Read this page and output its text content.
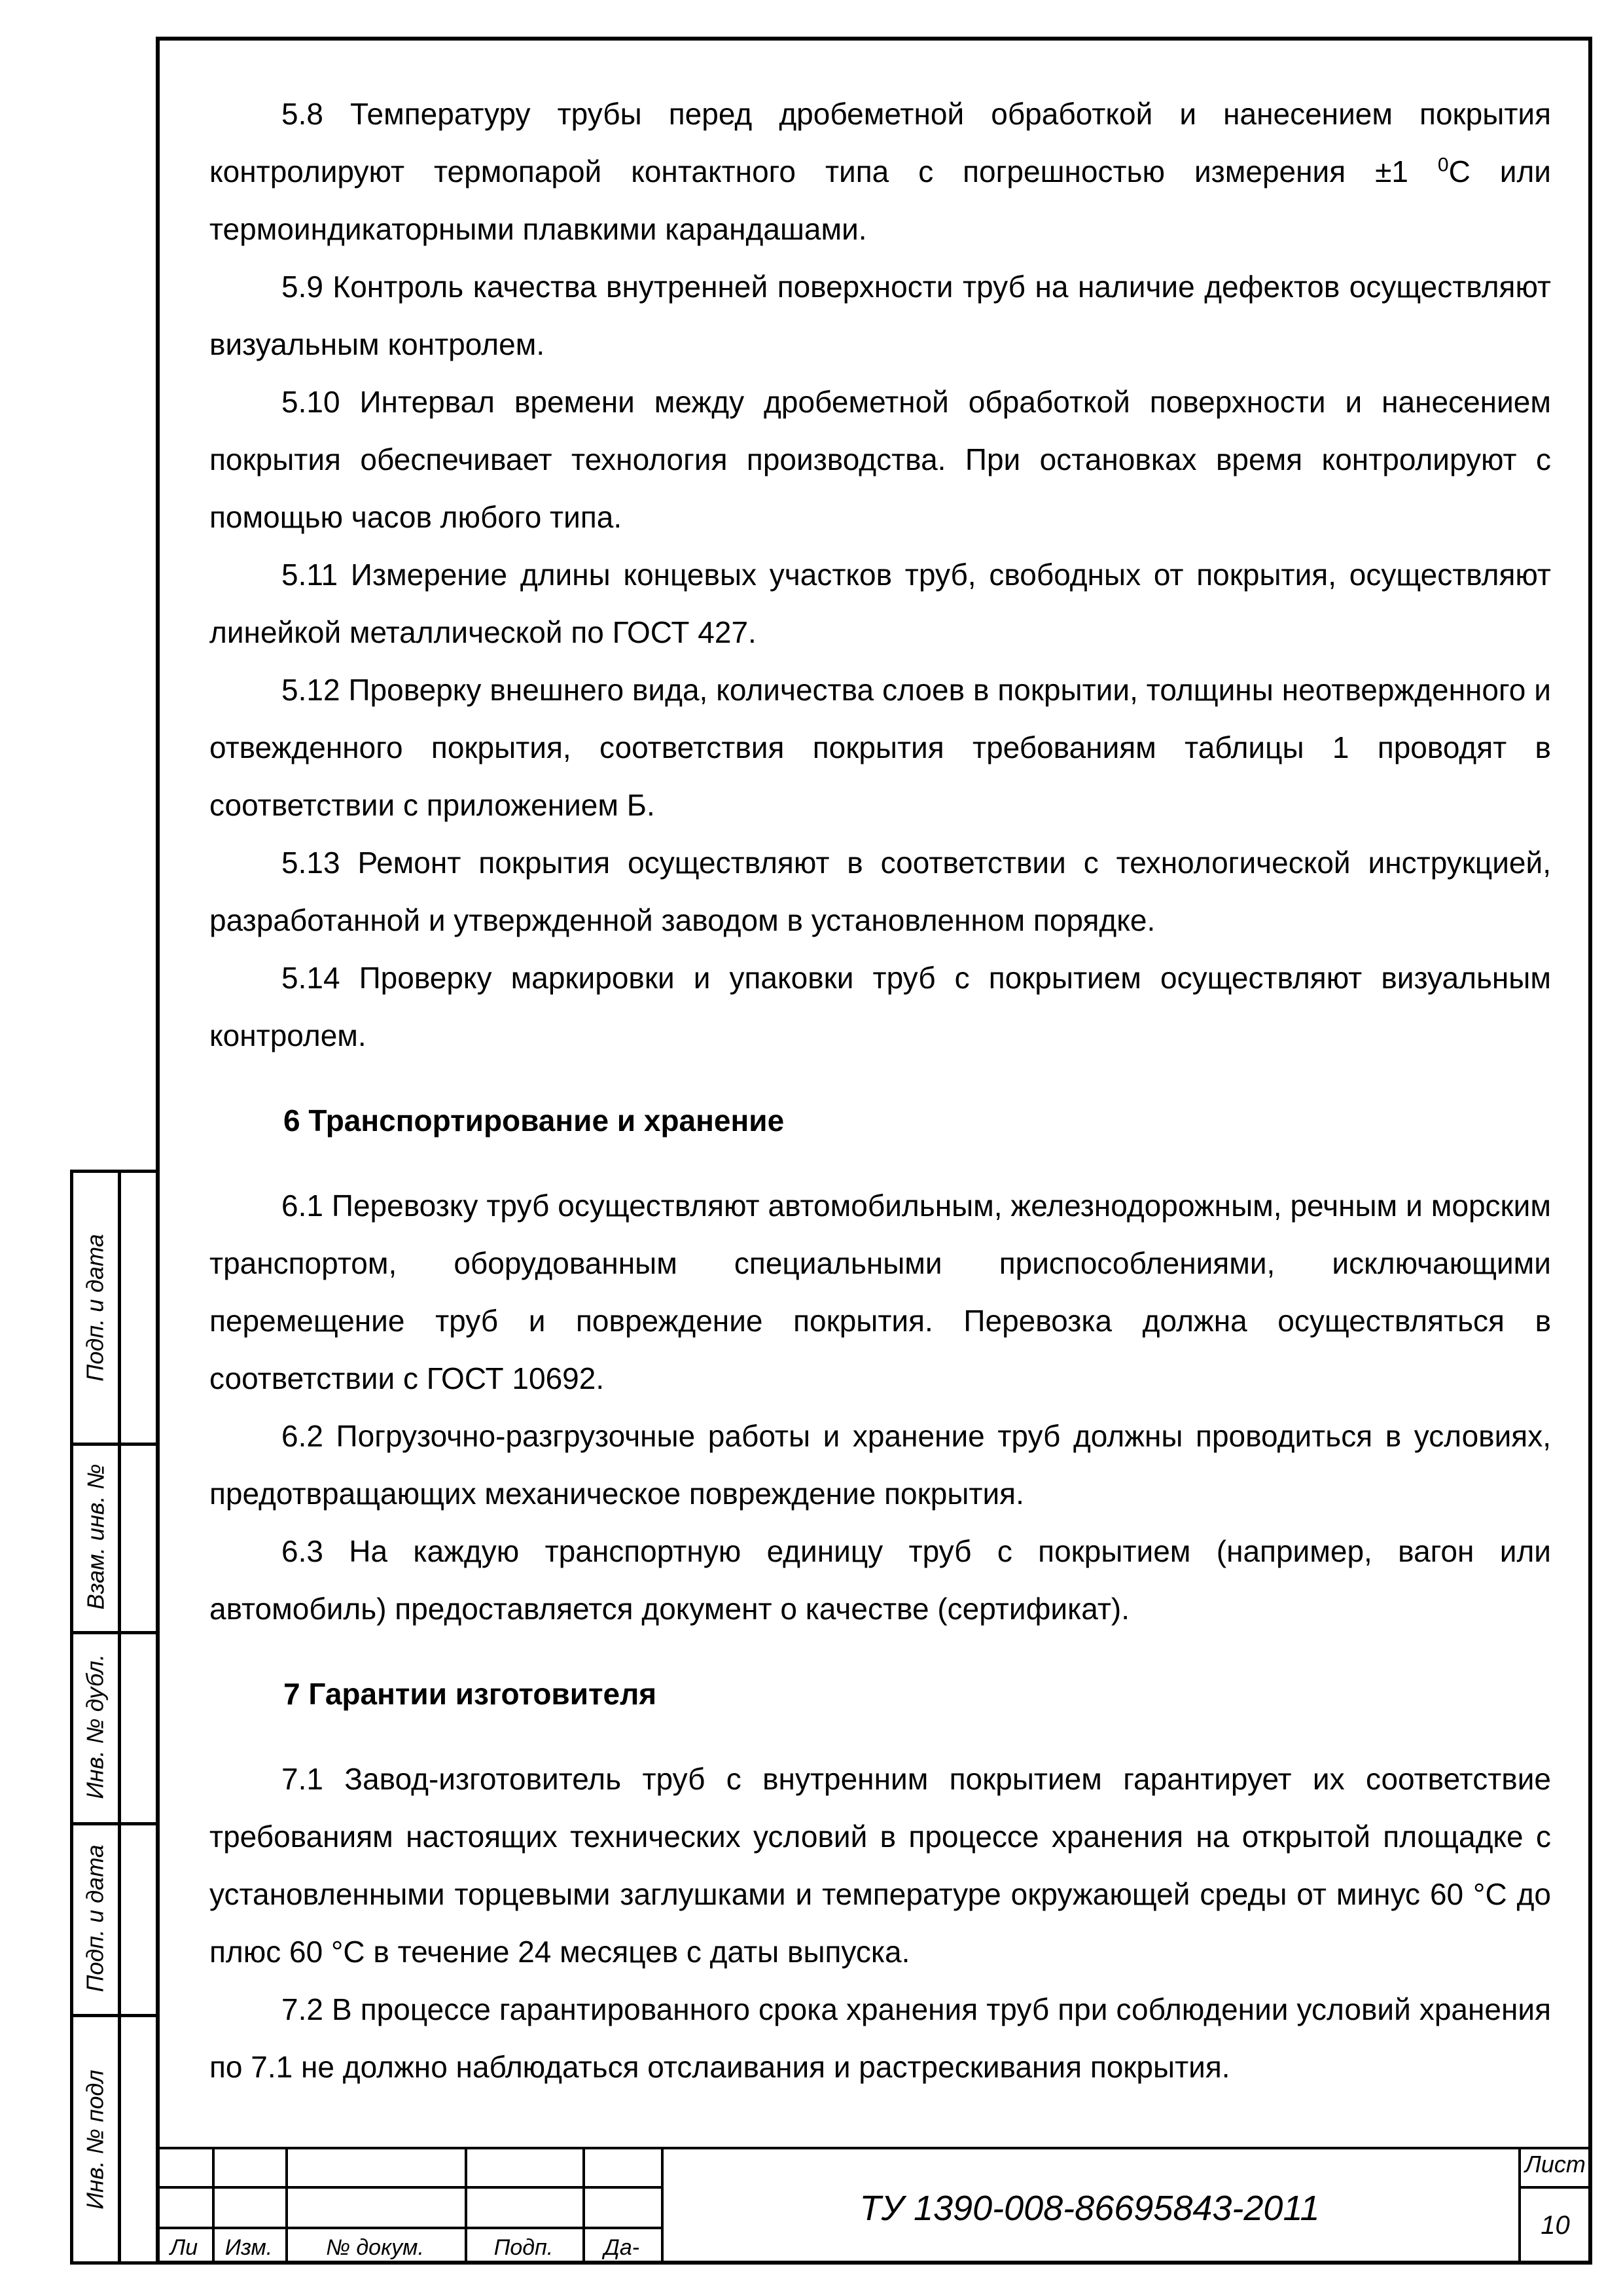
5.8 Температуру трубы перед дробеметной обработкой и нанесением покрытия контролируют термопарой контактного типа с погрешностью измерения ±1 $^0$С или термоиндикаторными плавкими карандашами.

5.9 Контроль качества внутренней поверхности труб на наличие дефектов осуществляют визуальным контролем.

5.10 Интервал времени между дробеметной обработкой поверхности и нанесением покрытия обеспечивает технология производства. При остановках время контролируют с помощью часов любого типа.

5.11 Измерение длины концевых участков труб, свободных от покрытия, осуществляют линейкой металлической по ГОСТ 427.

5.12 Проверку внешнего вида, количества слоев в покрытии, толщины неотвержденного и отвежденного покрытия, соответствия покрытия требованиям таблицы 1 проводят в соответствии с приложением Б.

5.13 Ремонт покрытия осуществляют в соответствии с технологической инструкцией, разработанной и утвержденной заводом в установленном порядке.

5.14 Проверку маркировки и упаковки труб с покрытием осуществляют визуальным контролем.

6 Транспортирование и хранение

6.1 Перевозку труб осуществляют автомобильным, железнодорожным, речным и морским транспортом, оборудованным специальными приспособлениями, исключающими перемещение труб и повреждение покрытия. Перевозка должна осуществляться в соответствии с ГОСТ 10692.

6.2 Погрузочно-разгрузочные работы и хранение труб должны проводиться в условиях, предотвращающих механическое повреждение покрытия.

6.3 На каждую транспортную единицу труб с покрытием (например, вагон или автомобиль) предоставляется документ о качестве (сертификат).

7 Гарантии изготовителя

7.1 Завод-изготовитель труб с внутренним покрытием гарантирует их соответствие требованиям настоящих технических условий в процессе хранения на открытой площадке с установленными торцевыми заглушками и температуре окружающей среды от минус 60 °С до плюс 60 °С в течение 24 месяцев с даты выпуска.

7.2 В процессе гарантированного срока хранения труб при соблюдении условий хранения по 7.1 не должно наблюдаться отслаивания и растрескивания покрытия.

Подп. и дата
Взам. инв. №
Инв. № дубл.
Подп. и дата
Инв. № подл
Ли	Изм.	№ докум.	Подп.	Да-
ТУ 1390-008-86695843-2011
Лист
10
